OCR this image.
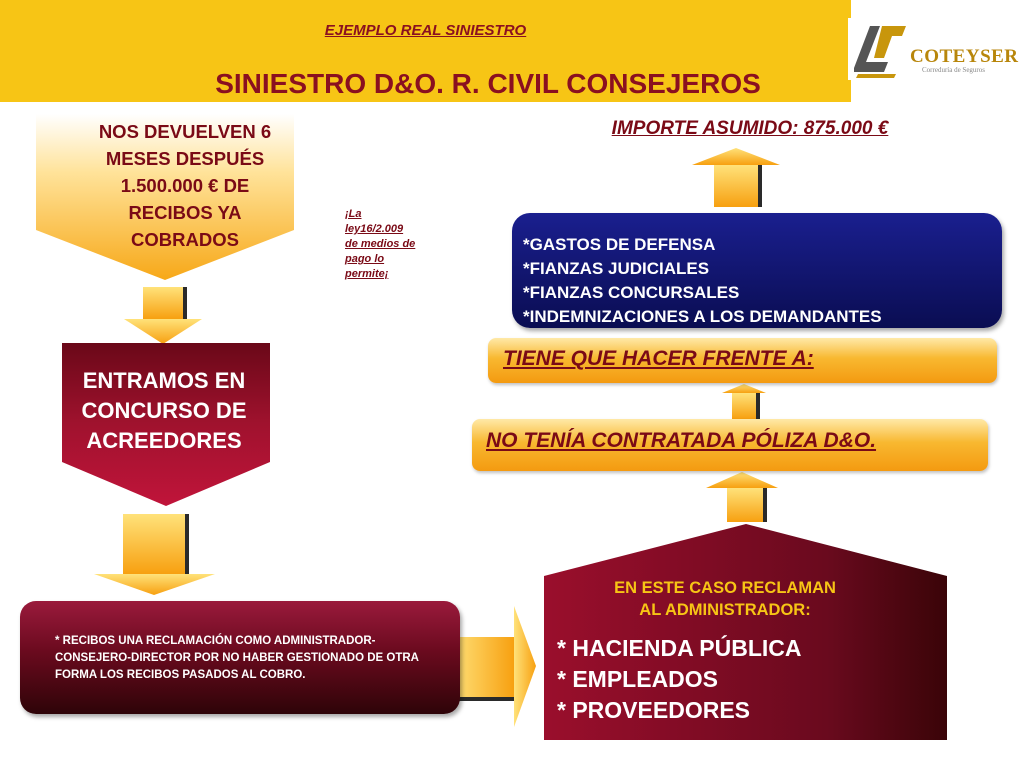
EJEMPLO REAL SINIESTRO
SINIESTRO D&O. R. CIVIL CONSEJEROS
COTEYSER
Correduría de Seguros
NOS DEVUELVEN 6
MESES DESPUÉS
1.500.000 € DE
RECIBOS YA
COBRADOS
¡La
ley16/2.009
de medios de
pago lo
permite¡
ENTRAMOS EN
CONCURSO DE
ACREEDORES
* RECIBOS UNA RECLAMACIÓN COMO ADMINISTRADOR-CONSEJERO-DIRECTOR POR NO HABER GESTIONADO DE OTRA FORMA LOS RECIBOS PASADOS AL COBRO.
IMPORTE ASUMIDO: 875.000 €
*GASTOS DE DEFENSA
*FIANZAS JUDICIALES
*FIANZAS CONCURSALES
*INDEMNIZACIONES A LOS DEMANDANTES
TIENE QUE HACER FRENTE A:
NO TENÍA CONTRATADA PÓLIZA D&O.
EN ESTE CASO RECLAMAN
AL ADMINISTRADOR:
* HACIENDA PÚBLICA
* EMPLEADOS
* PROVEEDORES
